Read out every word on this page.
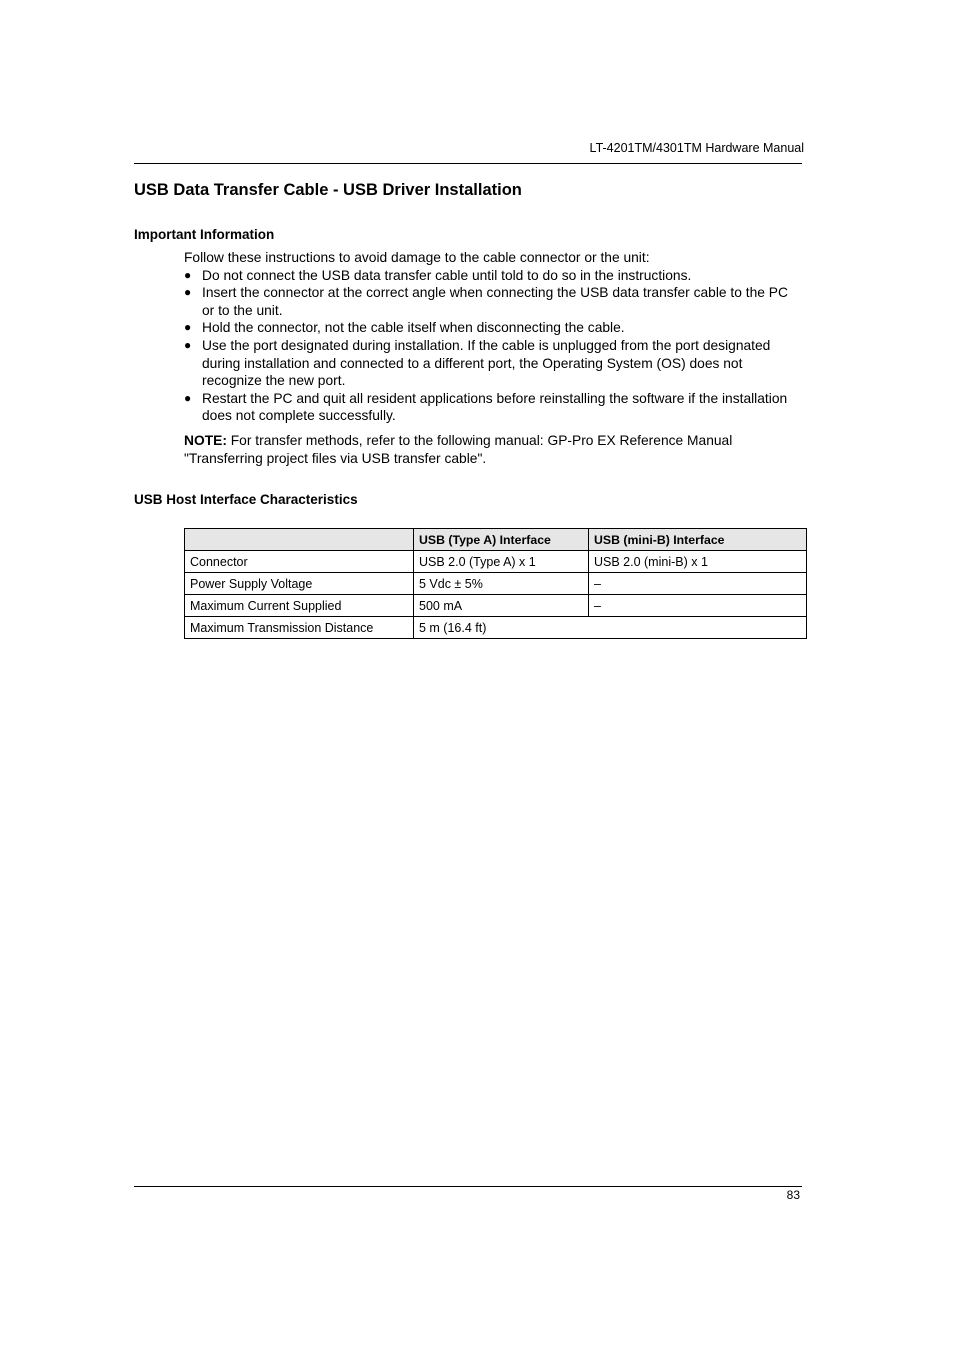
LT-4201TM/4301TM Hardware Manual
USB Data Transfer Cable - USB Driver Installation
Important Information

Follow these instructions to avoid damage to the cable connector or the unit:

● Do not connect the USB data transfer cable until told to do so in the instructions.
● Insert the connector at the correct angle when connecting the USB data transfer cable to the PC or to the unit.
● Hold the connector, not the cable itself when disconnecting the cable.
● Use the port designated during installation. If the cable is unplugged from the port designated during installation and connected to a different port, the Operating System (OS) does not recognize the new port.
● Restart the PC and quit all resident applications before reinstalling the software if the installation does not complete successfully.

NOTE: For transfer methods, refer to the following manual: GP-Pro EX Reference Manual "Transferring project files via USB transfer cable".

USB Host Interface Characteristics
	USB (Type A) Interface	USB (mini-B) Interface
Connector	USB 2.0 (Type A) x 1	USB 2.0 (mini-B) x 1
Power Supply Voltage	5 Vdc ± 5%	–
Maximum Current Supplied	500 mA	–
Maximum Transmission Distance	5 m (16.4 ft)	
83
